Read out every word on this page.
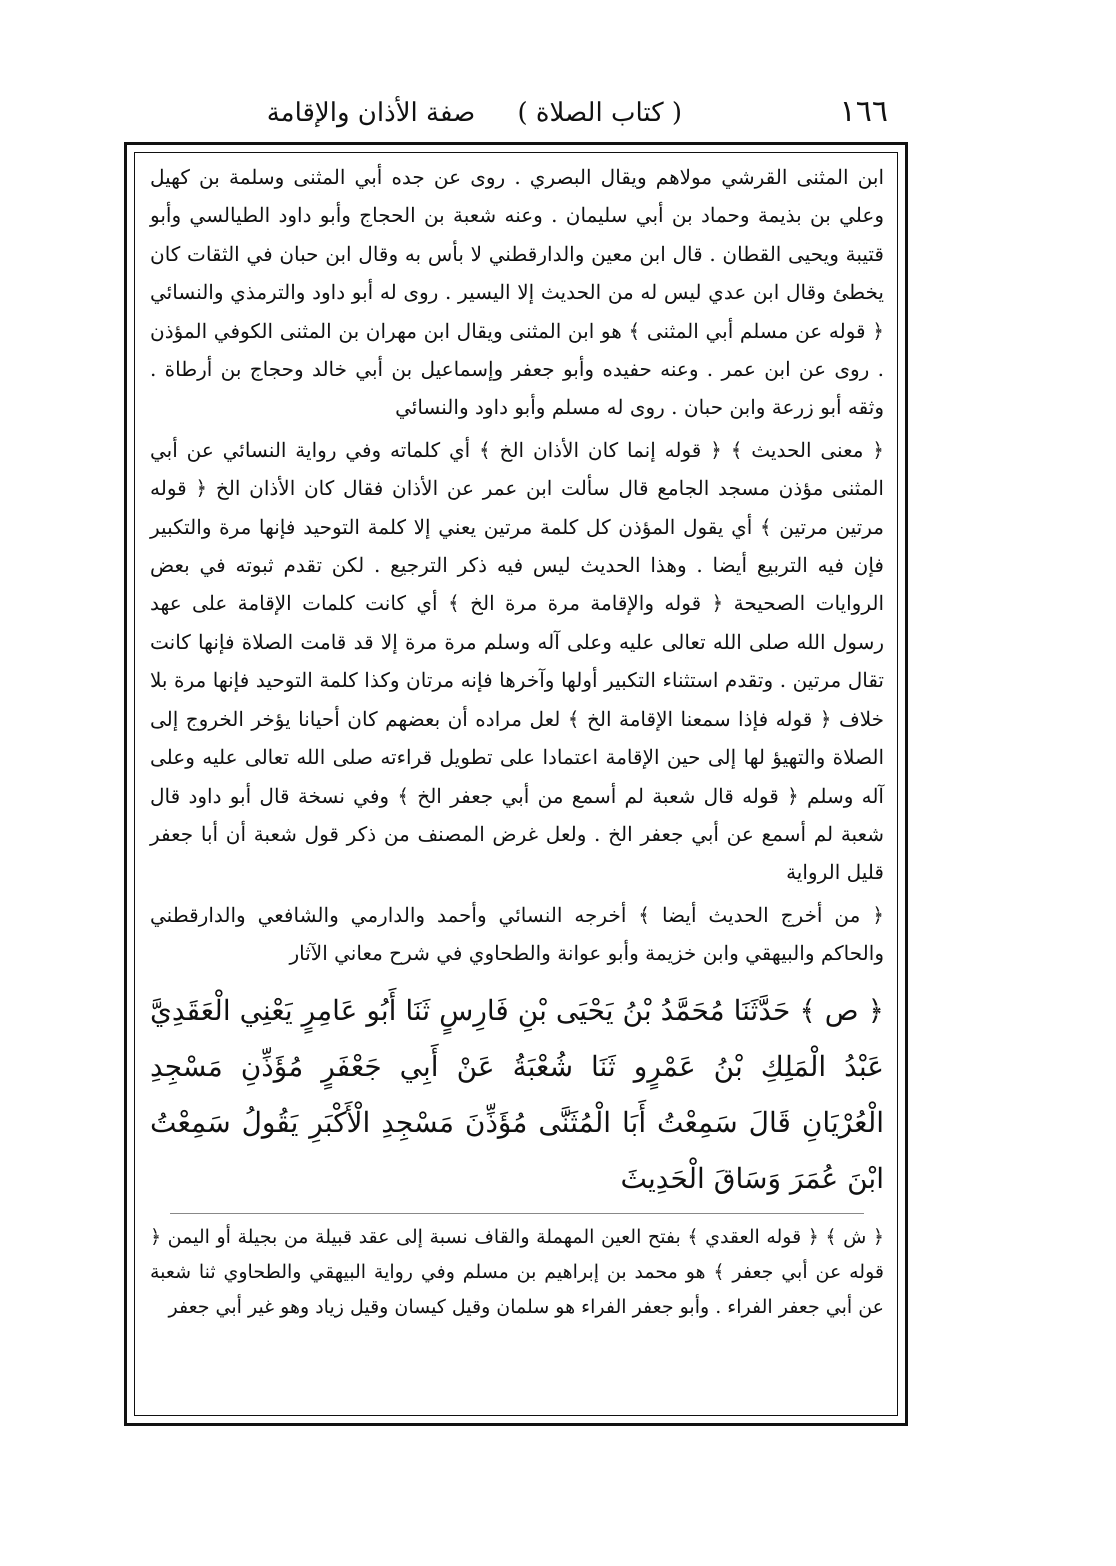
١٦٦
( كتاب الصلاة ) صفة الأذان والإقامة

ابن المثنى القرشي مولاهم ويقال البصري . روى عن جده أبي المثنى وسلمة بن كهيل وعلي بن بذيمة وحماد بن أبي سليمان . وعنه شعبة بن الحجاج وأبو داود الطيالسي وأبو قتيبة ويحيى القطان . قال ابن معين والدارقطني لا بأس به وقال ابن حبان في الثقات كان يخطئ وقال ابن عدي ليس له من الحديث إلا اليسير . روى له أبو داود والترمذي والنسائي ﴿ قوله عن مسلم أبي المثنى ﴾ هو ابن المثنى ويقال ابن مهران بن المثنى الكوفي المؤذن . روى عن ابن عمر . وعنه حفيده وأبو جعفر وإسماعيل بن أبي خالد وحجاج بن أرطاة . وثقه أبو زرعة وابن حبان . روى له مسلم وأبو داود والنسائي

﴿ معنى الحديث ﴾ ﴿ قوله إنما كان الأذان الخ ﴾ أي كلماته وفي رواية النسائي عن أبي المثنى مؤذن مسجد الجامع قال سألت ابن عمر عن الأذان فقال كان الأذان الخ ﴿ قوله مرتين مرتين ﴾ أي يقول المؤذن كل كلمة مرتين يعني إلا كلمة التوحيد فإنها مرة والتكبير فإن فيه التربيع أيضا . وهذا الحديث ليس فيه ذكر الترجيع . لكن تقدم ثبوته في بعض الروايات الصحيحة ﴿ قوله والإقامة مرة مرة الخ ﴾ أي كانت كلمات الإقامة على عهد رسول الله صلى الله تعالى عليه وعلى آله وسلم مرة مرة إلا قد قامت الصلاة فإنها كانت تقال مرتين . وتقدم استثناء التكبير أولها وآخرها فإنه مرتان وكذا كلمة التوحيد فإنها مرة بلا خلاف ﴿ قوله فإذا سمعنا الإقامة الخ ﴾ لعل مراده أن بعضهم كان أحيانا يؤخر الخروج إلى الصلاة والتهيؤ لها إلى حين الإقامة اعتمادا على تطويل قراءته صلى الله تعالى عليه وعلى آله وسلم ﴿ قوله قال شعبة لم أسمع من أبي جعفر الخ ﴾ وفي نسخة قال أبو داود قال شعبة لم أسمع عن أبي جعفر الخ . ولعل غرض المصنف من ذكر قول شعبة أن أبا جعفر قليل الرواية

﴿ من أخرج الحديث أيضا ﴾ أخرجه النسائي وأحمد والدارمي والشافعي والدارقطني والحاكم والبيهقي وابن خزيمة وأبو عوانة والطحاوي في شرح معاني الآثار

﴿ ص ﴾ حَدَّثَنَا مُحَمَّدُ بْنُ يَحْيَى بْنِ فَارِسٍ ثَنَا أَبُو عَامِرٍ يَعْنِي الْعَقَدِيَّ عَبْدُ الْمَلِكِ بْنُ عَمْرٍو ثَنَا شُعْبَةُ عَنْ أَبِي جَعْفَرٍ مُؤَذِّنِ مَسْجِدِ الْعُرْيَانِ قَالَ سَمِعْتُ أَبَا الْمُثَنَّى مُؤَذِّنَ مَسْجِدِ الْأَكْبَرِ يَقُولُ سَمِعْتُ ابْنَ عُمَرَ وَسَاقَ الْحَدِيثَ

﴿ ش ﴾ ﴿ قوله العقدي ﴾ بفتح العين المهملة والقاف نسبة إلى عقد قبيلة من بجيلة أو اليمن ﴿ قوله عن أبي جعفر ﴾ هو محمد بن إبراهيم بن مسلم وفي رواية البيهقي والطحاوي ثنا شعبة عن أبي جعفر الفراء . وأبو جعفر الفراء هو سلمان وقيل كيسان وقيل زياد وهو غير أبي جعفر
